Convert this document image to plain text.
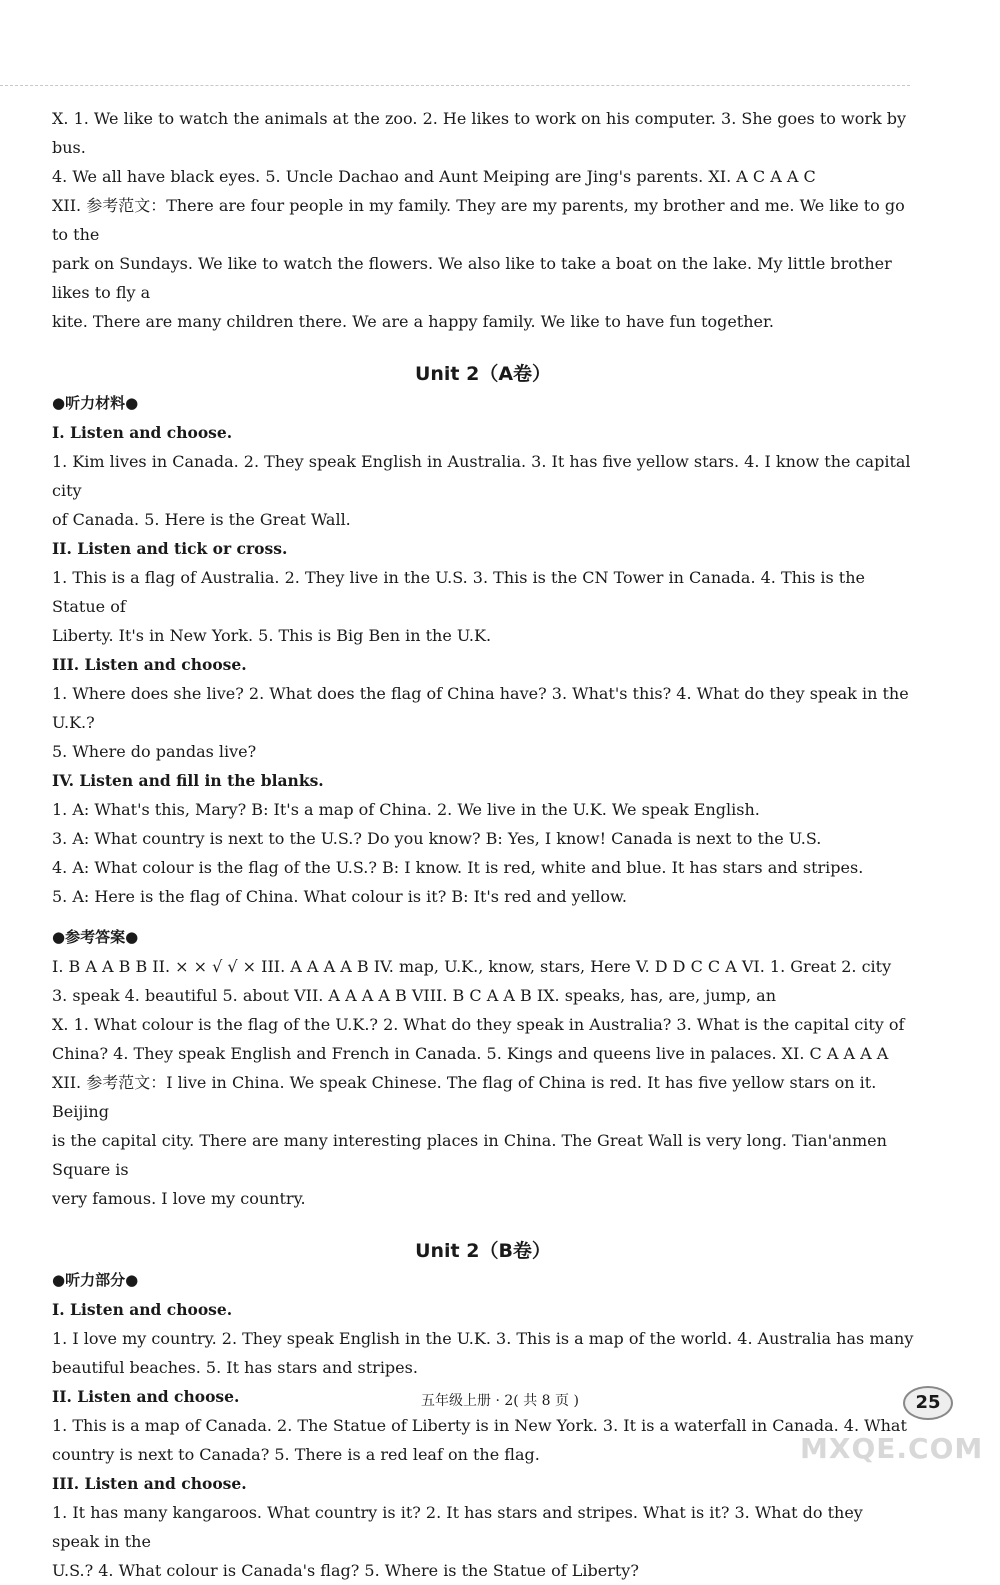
X. 1. We like to watch the animals at the zoo. 2. He likes to work on his computer. 3. She goes to work by bus.

4. We all have black eyes. 5. Uncle Dachao and Aunt Meiping are Jing's parents. XI. A C A A C

XII. 参考范文：There are four people in my family. They are my parents, my brother and me. We like to go to the

park on Sundays. We like to watch the flowers. We also like to take a boat on the lake. My little brother likes to fly a

kite. There are many children there. We are a happy family. We like to have fun together.

Unit 2（A卷）

●听力材料●

I. Listen and choose.

1. Kim lives in Canada. 2. They speak English in Australia. 3. It has five yellow stars. 4. I know the capital city

of Canada. 5. Here is the Great Wall.

II. Listen and tick or cross.

1. This is a flag of Australia. 2. They live in the U.S. 3. This is the CN Tower in Canada. 4. This is the Statue of

Liberty. It's in New York. 5. This is Big Ben in the U.K.

III. Listen and choose.

1. Where does she live? 2. What does the flag of China have? 3. What's this? 4. What do they speak in the U.K.?

5. Where do pandas live?

IV. Listen and fill in the blanks.

1. A: What's this, Mary? B: It's a map of China. 2. We live in the U.K. We speak English.

3. A: What country is next to the U.S.? Do you know? B: Yes, I know! Canada is next to the U.S.

4. A: What colour is the flag of the U.S.? B: I know. It is red, white and blue. It has stars and stripes.

5. A: Here is the flag of China. What colour is it? B: It's red and yellow.

●参考答案●

I. B A A B B II. × × √ √ × III. A A A A B IV. map, U.K., know, stars, Here V. D D C C A VI. 1. Great 2. city

3. speak 4. beautiful 5. about VII. A A A A B VIII. B C A A B IX. speaks, has, are, jump, an

X. 1. What colour is the flag of the U.K.? 2. What do they speak in Australia? 3. What is the capital city of

China? 4. They speak English and French in Canada. 5. Kings and queens live in palaces. XI. C A A A A

XII. 参考范文：I live in China. We speak Chinese. The flag of China is red. It has five yellow stars on it. Beijing

is the capital city. There are many interesting places in China. The Great Wall is very long. Tian'anmen Square is

very famous. I love my country.

Unit 2（B卷）

●听力部分●

I. Listen and choose.

1. I love my country. 2. They speak English in the U.K. 3. This is a map of the world. 4. Australia has many

beautiful beaches. 5. It has stars and stripes.

II. Listen and choose.

1. This is a map of Canada. 2. The Statue of Liberty is in New York. 3. It is a waterfall in Canada. 4. What

country is next to Canada? 5. There is a red leaf on the flag.

III. Listen and choose.

1. It has many kangaroos. What country is it? 2. It has stars and stripes. What is it? 3. What do they speak in the

U.S.? 4. What colour is Canada's flag? 5. Where is the Statue of Liberty?

五年级上册 · 2( 共 8 页 )	25
MXQE.COM
